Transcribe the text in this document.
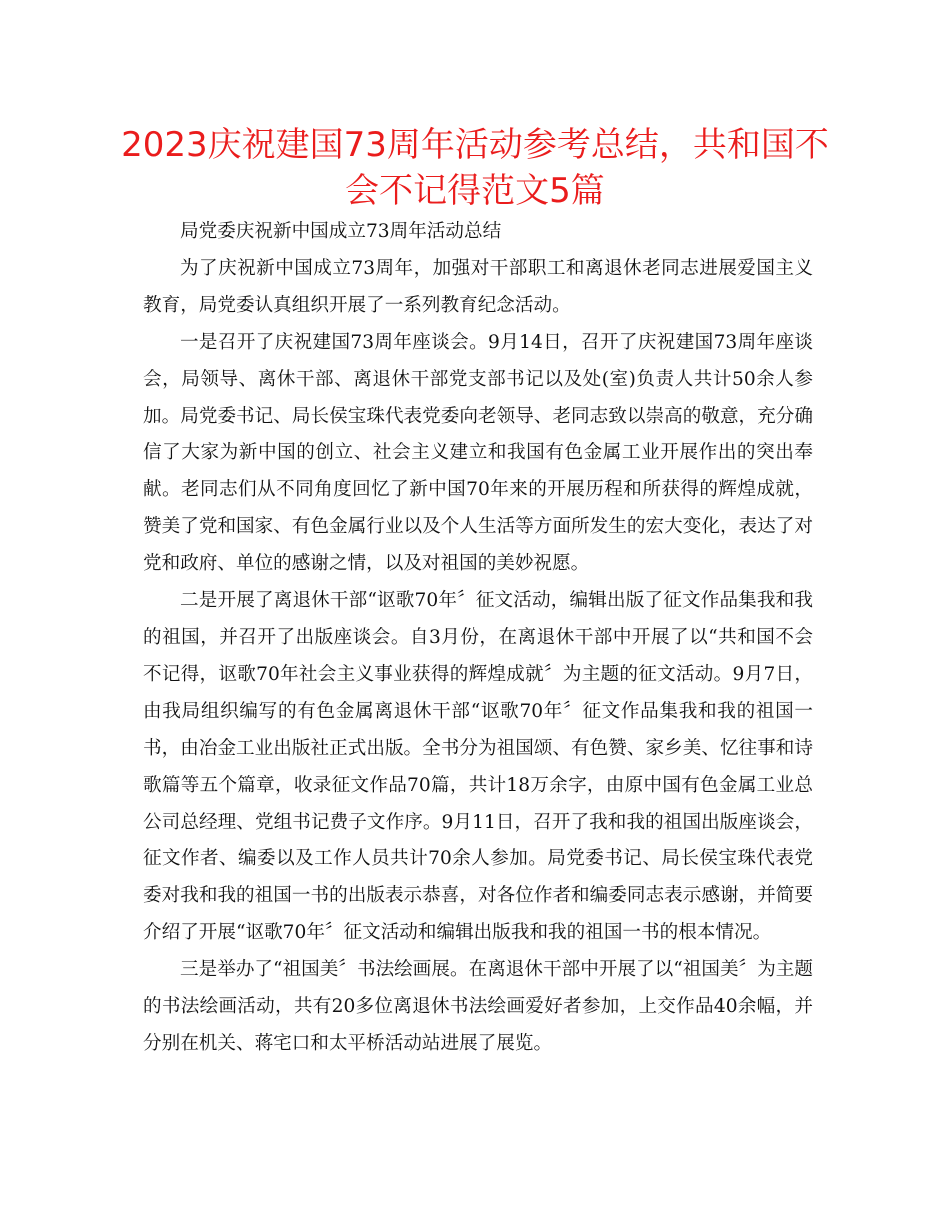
2023庆祝建国73周年活动参考总结，共和国不会不记得范文5篇

局党委庆祝新中国成立73周年活动总结

为了庆祝新中国成立73周年，加强对干部职工和离退休老同志进展爱国主义教育，局党委认真组织开展了一系列教育纪念活动。

一是召开了庆祝建国73周年座谈会。9月14日，召开了庆祝建国73周年座谈会，局领导、离休干部、离退休干部党支部书记以及处(室)负责人共计50余人参加。局党委书记、局长侯宝珠代表党委向老领导、老同志致以崇高的敬意，充分确信了大家为新中国的创立、社会主义建立和我国有色金属工业开展作出的突出奉献。老同志们从不同角度回忆了新中国70年来的开展历程和所获得的辉煌成就，赞美了党和国家、有色金属行业以及个人生活等方面所发生的宏大变化，表达了对党和政府、单位的感谢之情，以及对祖国的美妙祝愿。

二是开展了离退休干部“讴歌70年〞征文活动，编辑出版了征文作品集我和我的祖国，并召开了出版座谈会。自3月份，在离退休干部中开展了以“共和国不会不记得，讴歌70年社会主义事业获得的辉煌成就〞为主题的征文活动。9月7日，由我局组织编写的有色金属离退休干部“讴歌70年〞征文作品集我和我的祖国一书，由冶金工业出版社正式出版。全书分为祖国颂、有色赞、家乡美、忆往事和诗歌篇等五个篇章，收录征文作品70篇，共计18万余字，由原中国有色金属工业总公司总经理、党组书记费子文作序。9月11日，召开了我和我的祖国出版座谈会，征文作者、编委以及工作人员共计70余人参加。局党委书记、局长侯宝珠代表党委对我和我的祖国一书的出版表示恭喜，对各位作者和编委同志表示感谢，并简要介绍了开展“讴歌70年〞征文活动和编辑出版我和我的祖国一书的根本情况。

三是举办了“祖国美〞书法绘画展。在离退休干部中开展了以“祖国美〞为主题的书法绘画活动，共有20多位离退休书法绘画爱好者参加，上交作品40余幅，并分别在机关、蒋宅口和太平桥活动站进展了展览。
